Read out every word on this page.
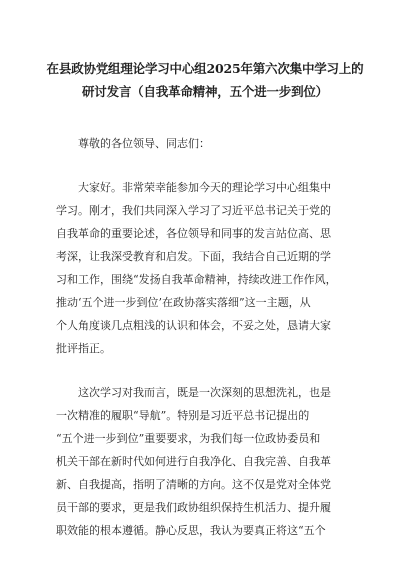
在县政协党组理论学习中心组2025年第六次集中学习上的
研讨发言（自我革命精神，五个进一步到位）
尊敬的各位领导、同志们：
大家好。非常荣幸能参加今天的理论学习中心组集中
学习。刚才，我们共同深入学习了习近平总书记关于党的
自我革命的重要论述，各位领导和同事的发言站位高、思
考深，让我深受教育和启发。下面，我结合自己近期的学
习和工作，围绕“发扬自我革命精神，持续改进工作作风，
推动‘五个进一步到位’在政协落实落细”这一主题，从
个人角度谈几点粗浅的认识和体会，不妥之处，恳请大家
批评指正。
这次学习对我而言，既是一次深刻的思想洗礼，也是
一次精准的履职“导航”。特别是习近平总书记提出的
“五个进一步到位”重要要求，为我们每一位政协委员和
机关干部在新时代如何进行自我净化、自我完善、自我革
新、自我提高，指明了清晰的方向。这不仅是党对全体党
员干部的要求，更是我们政协组织保持生机活力、提升履
职效能的根本遵循。静心反思，我认为要真正将这“五个
